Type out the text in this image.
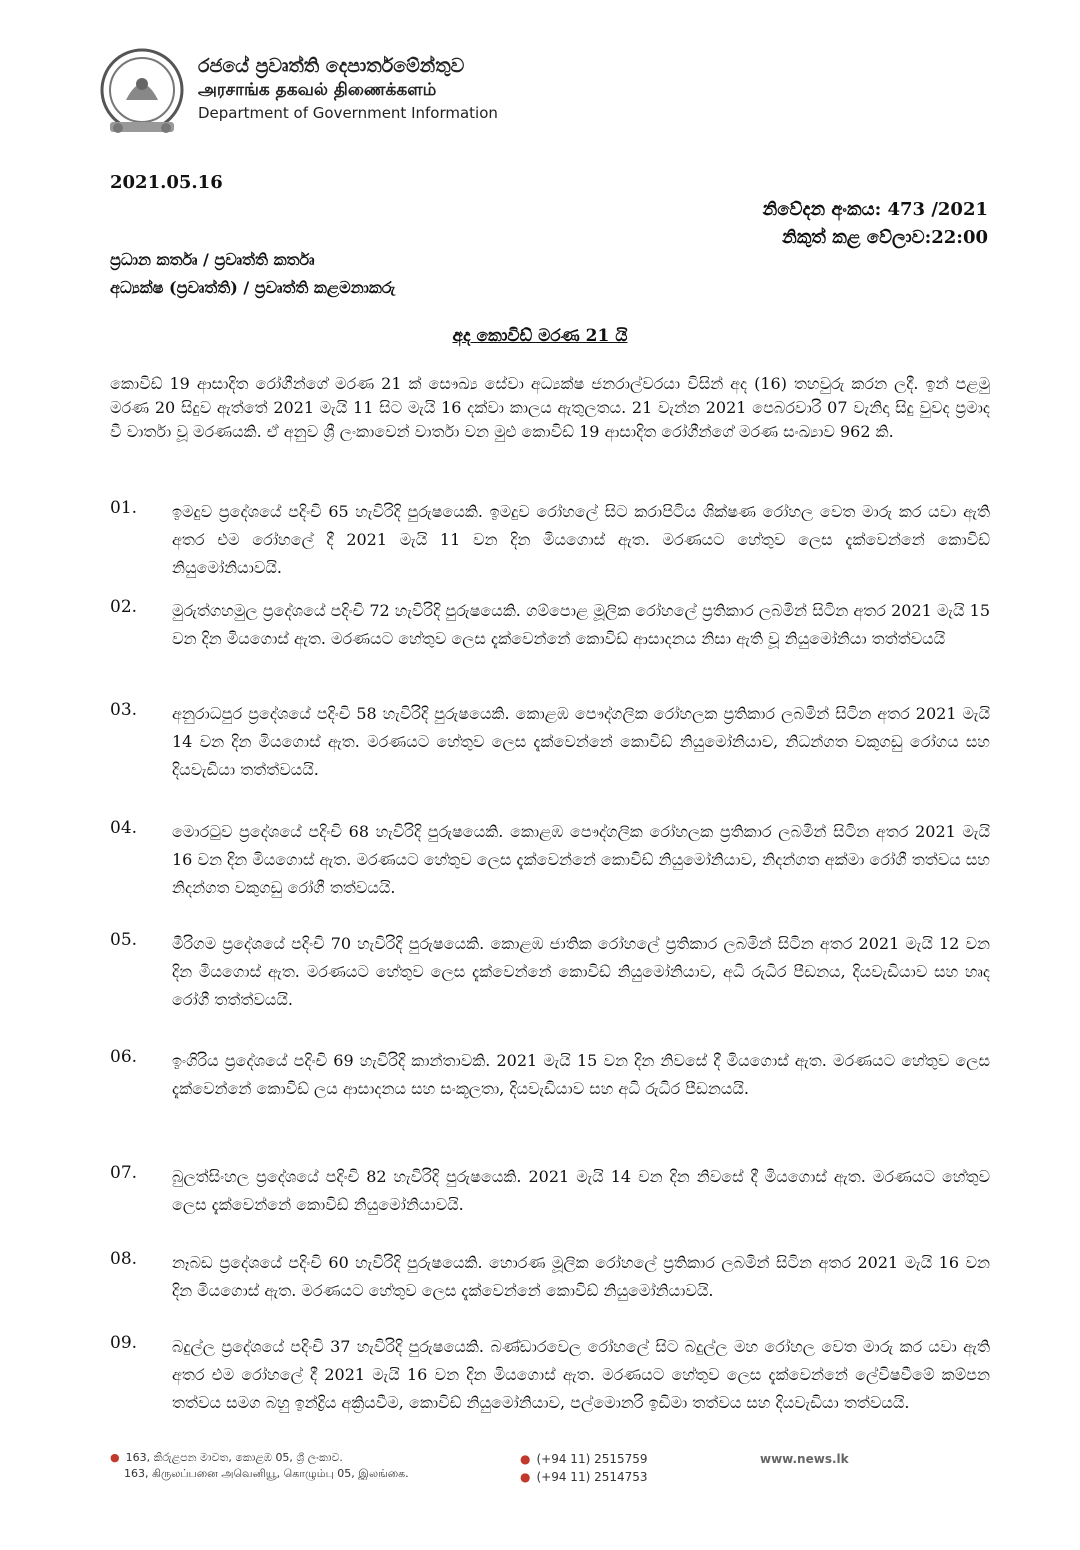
රජයේ ප්‍රවෘත්ති දෙපාර්තමේන්තුව
அரசாங்க தகவல் திணைக்களம்
Department of Government Information
2021.05.16
නිවේදන අංකය: 473 /2021
නිකුත් කළ වේලාව:22:00
ප්‍රධාන කර්තෘ / ප්‍රවෘත්ති කර්තෘ
අධ්‍යක්ෂ (ප්‍රවෘත්ති) / ප්‍රවෘත්ති කළමනාකරු
අද කොවිඩ් මරණ 21 යි
කොවිඩ් 19 ආසාදිත රෝගීන්ගේ මරණ 21 ක් සෞඛ්‍ය සේවා අධ්‍යක්ෂ ජනරාල්වරයා විසින් අද (16) තහවුරු කරන ලදී. ඉන් පළමු මරණ 20 සිදුව ඇත්තේ 2021 මැයි 11 සිට මැයි 16 දක්වා කාලය ඇතුලතය. 21 වැන්න 2021 පෙබරවාරි 07 වැනිදා සිදු වුවද ප්‍රමාද වී වාර්තා වූ මරණයකි. ඒ අනුව ශ්‍රී ලංකාවෙන් වාර්තා වන මුළු කොවිඩ් 19 ආසාදිත රෝගීන්ගේ මරණ සංඛ්‍යාව 962 කි.
01. ඉමදුව ප්‍රදේශයේ පදිංචි 65 හැවිරිදි පුරුෂයෙකි. ඉමදුව රෝහලේ සිට කරාපිටිය ශික්ෂණ රෝහල වෙත මාරු කර යවා ඇති අතර එම රෝහලේ දී 2021 මැයි 11 වන දින මියගොස් ඇත. මරණයට හේතුව ලෙස දැක්වෙන්නේ කොවිඩ් නියුමෝනියාවයි.
02. මුරුත්ගහමුල ප්‍රදේශයේ පදිංචි 72 හැවිරිදි පුරුෂයෙකි. ගම්පොළ මූලික රෝහලේ ප්‍රතිකාර ලබමින් සිටින අතර 2021 මැයි 15 වන දින මියගොස් ඇත. මරණයට හේතුව ලෙස දැක්වෙන්නේ කොවිඩ් ආසාදනය නිසා ඇති වූ නියුමෝනියා තත්ත්වයයි
03. අනුරාධපුර ප්‍රදේශයේ පදිංචි 58 හැවිරිදි පුරුෂයෙකි. කොළඹ පෞද්ගලික රෝහලක ප්‍රතිකාර ලබමින් සිටින අතර 2021 මැයි 14 වන දින මියගොස් ඇත. මරණයට හේතුව ලෙස දැක්වෙන්නේ කොවිඩ් නියුමෝනියාව, නිධන්ගත වකුගඩු රෝගය සහ දියවැඩියා තත්ත්වයයි.
04. මොරටුව ප්‍රදේශයේ පදිංචි 68 හැවිරිදි පුරුෂයෙකි. කොළඹ පෞද්ගලික රෝහලක ප්‍රතිකාර ලබමින් සිටින අතර 2021 මැයි 16 වන දින මියගොස් ඇත. මරණයට හේතුව ලෙස දැක්වෙන්නේ කොවිඩ් නියුමෝනියාව, නිදන්ගත අක්මා රෝගී තත්වය සහ නිදන්ගත වකුගඩු රෝගී තත්වයයි.
05. මීරිගම ප්‍රදේශයේ පදිංචි 70 හැවිරිදි පුරුෂයෙකි. කොළඹ ජාතික රෝහලේ ප්‍රතිකාර ලබමින් සිටින අතර 2021 මැයි 12 වන දින මියගොස් ඇත. මරණයට හේතුව ලෙස දැක්වෙන්නේ කොවිඩ් නියුමෝනියාව, අධි රුධිර පීඩනය, දියවැඩියාව සහ හෘද රෝගී තත්ත්වයයි.
06. ඉංගිරිය ප්‍රදේශයේ පදිංචි 69 හැවිරිදි කාන්තාවකි. 2021 මැයි 15 වන දින නිවසේ දී මියගොස් ඇත. මරණයට හේතුව ලෙස දැක්වෙන්නේ කොවිඩ් ලය ආසාදනය සහ සංකූලතා, දියවැඩියාව සහ අධි රුධිර පීඩනයයි.
07. බුලත්සිංහල ප්‍රදේශයේ පදිංචි 82 හැවිරිදි පුරුෂයෙකි. 2021 මැයි 14 වන දින නිවසේ දී මියගොස් ඇත. මරණයට හේතුව ලෙස දැක්වෙන්නේ කොවිඩ් නියුමෝනියාවයි.
08. නෑබඩ ප්‍රදේශයේ පදිංචි 60 හැවිරිදි පුරුෂයෙකි. හොරණ මූලික රෝහලේ ප්‍රතිකාර ලබමින් සිටින අතර 2021 මැයි 16 වන දින මියගොස් ඇත. මරණයට හේතුව ලෙස දැක්වෙන්නේ කොවිඩ් නියුමෝනියාවයි.
09. බදුල්ල ප්‍රදේශයේ පදිංචි 37 හැවිරිදි පුරුෂයෙකි. බණ්ඩාරවෙල රෝහලේ සිට බදුල්ල මහ රෝහල වෙත මාරු කර යවා ඇති අතර එම රෝහලේ දී 2021 මැයි 16 වන දින මියගොස් ඇත. මරණයට හේතුව ලෙස දැක්වෙන්නේ ලේවිෂවීමේ කම්පන තත්වය සමග බහු ඉන්ද්‍රිය අක්‍රියවීම, කොවිඩ් නියුමෝනියාව, පල්මොනරි ඉඩිමා තත්වය සහ දියවැඩියා තත්වයයි.
● 163, කිරුළපන මාවත, කොළඹ 05, ශ්‍රී ලංකාව.
163, கிருலப்பனை அவெனியூ, கொழும்பு 05, இலங்கை.
● (+94 11) 2515759
● (+94 11) 2514753
www.news.lk
